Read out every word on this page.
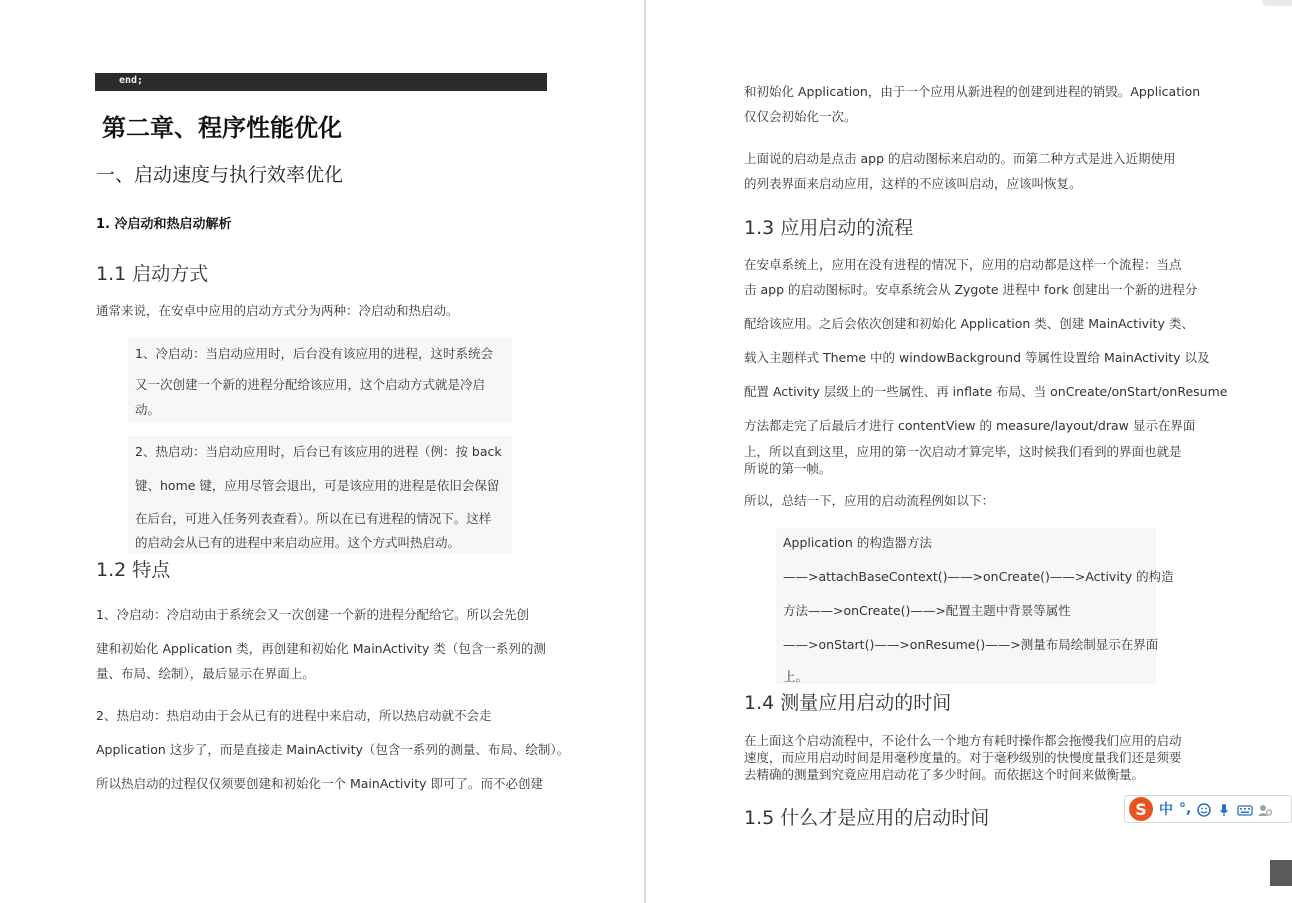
end;
第二章、程序性能优化
一、启动速度与执行效率优化
1. 冷启动和热启动解析
1.1 启动方式
通常来说，在安卓中应用的启动方式分为两种：冷启动和热启动。
1、冷启动：当启动应用时，后台没有该应用的进程，这时系统会
又一次创建一个新的进程分配给该应用，这个启动方式就是冷启
动。
2、热启动：当启动应用时，后台已有该应用的进程（例：按 back
键、home 键，应用尽管会退出，可是该应用的进程是依旧会保留
在后台，可进入任务列表查看）。所以在已有进程的情况下。这样
的启动会从已有的进程中来启动应用。这个方式叫热启动。
1.2 特点
1、冷启动：冷启动由于系统会又一次创建一个新的进程分配给它。所以会先创
建和初始化 Application 类，再创建和初始化 MainActivity 类（包含一系列的测
量、布局、绘制），最后显示在界面上。
2、热启动：热启动由于会从已有的进程中来启动，所以热启动就不会走
Application 这步了，而是直接走 MainActivity（包含一系列的测量、布局、绘制）。
所以热启动的过程仅仅须要创建和初始化一个 MainActivity 即可了。而不必创建
和初始化 Application，由于一个应用从新进程的创建到进程的销毁。Application
仅仅会初始化一次。
上面说的启动是点击 app 的启动图标来启动的。而第二种方式是进入近期使用
的列表界面来启动应用，这样的不应该叫启动，应该叫恢复。
1.3 应用启动的流程
在安卓系统上，应用在没有进程的情况下，应用的启动都是这样一个流程：当点
击 app 的启动图标时。安卓系统会从 Zygote 进程中 fork 创建出一个新的进程分
配给该应用。之后会依次创建和初始化 Application 类、创建 MainActivity 类、
载入主题样式 Theme 中的 windowBackground 等属性设置给 MainActivity 以及
配置 Activity 层级上的一些属性、再 inflate 布局、当 onCreate/onStart/onResume
方法都走完了后最后才进行 contentView 的 measure/layout/draw 显示在界面
上，所以直到这里，应用的第一次启动才算完毕，这时候我们看到的界面也就是
所说的第一帧。
所以，总结一下，应用的启动流程例如以下：
Application 的构造器方法
——>attachBaseContext()——>onCreate()——>Activity 的构造
方法——>onCreate()——>配置主题中背景等属性
——>onStart()——>onResume()——>测量布局绘制显示在界面
上。
1.4 测量应用启动的时间
在上面这个启动流程中，不论什么一个地方有耗时操作都会拖慢我们应用的启动
速度，而应用启动时间是用毫秒度量的。对于毫秒级别的快慢度量我们还是须要
去精确的测量到究竟应用启动花了多少时间。而依据这个时间来做衡量。
1.5 什么才是应用的启动时间	S 中 °,
